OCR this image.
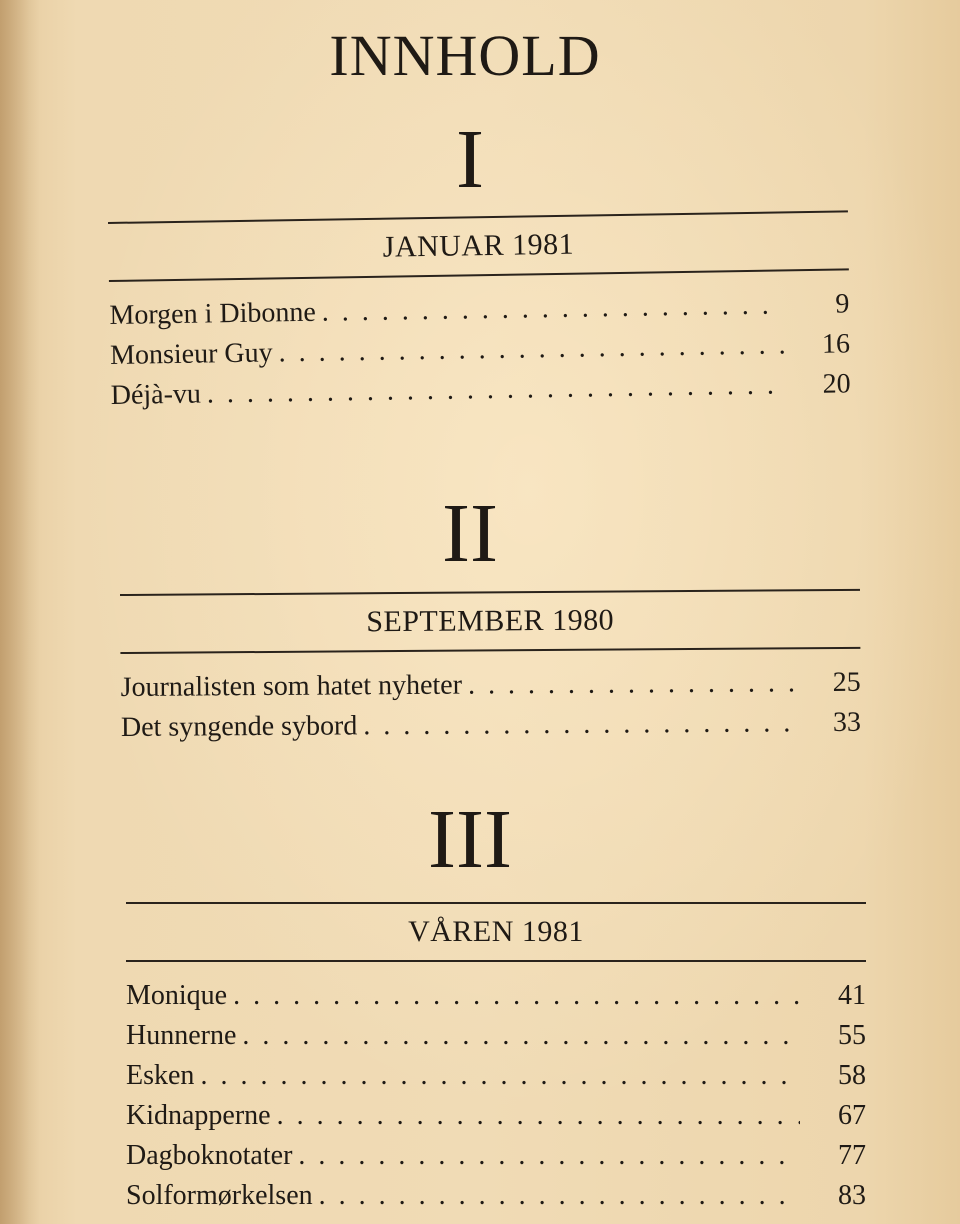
INNHOLD
I
JANUAR 1981
Morgen i Dibonne . . .	9
Monsieur Guy . . .	16
Déjà-vu . . .	20
II
SEPTEMBER 1980
Journalisten som hatet nyheter . . .	25
Det syngende sybord . . .	33
III
VÅREN 1981
Monique . . .	41
Hunnerne . . .	55
Esken . . .	58
Kidnapperne . . .	67
Dagboknotater . . .	77
Solformørkelsen . . .	83
